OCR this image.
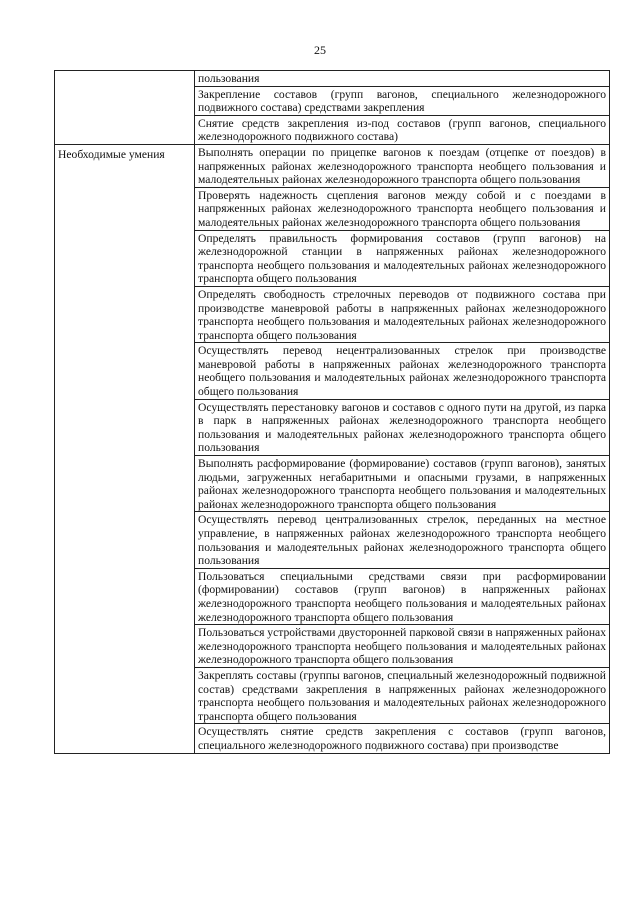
25

	пользования

	Закрепление составов (групп вагонов, специального железнодорожного подвижного состава) средствами закрепления

	Снятие средств закрепления из-под составов (групп вагонов, специального железнодорожного подвижного состава)

Необходимые умения	Выполнять операции по прицепке вагонов к поездам (отцепке от поездов) в напряженных районах железнодорожного транспорта необщего пользования и малодеятельных районах железнодорожного транспорта общего пользования

	Проверять надежность сцепления вагонов между собой и с поездами в напряженных районах железнодорожного транспорта необщего пользования и малодеятельных районах железнодорожного транспорта общего пользования

	Определять правильность формирования составов (групп вагонов) на железнодорожной станции в напряженных районах железнодорожного транспорта необщего пользования и малодеятельных районах железнодорожного транспорта общего пользования

	Определять свободность стрелочных переводов от подвижного состава при производстве маневровой работы в напряженных районах железнодорожного транспорта необщего пользования и малодеятельных районах железнодорожного транспорта общего пользования

	Осуществлять перевод нецентрализованных стрелок при производстве маневровой работы в напряженных районах железнодорожного транспорта необщего пользования и малодеятельных районах железнодорожного транспорта общего пользования

	Осуществлять перестановку вагонов и составов с одного пути на другой, из парка в парк в напряженных районах железнодорожного транспорта необщего пользования и малодеятельных районах железнодорожного транспорта общего пользования

	Выполнять расформирование (формирование) составов (групп вагонов), занятых людьми, загруженных негабаритными и опасными грузами, в напряженных районах железнодорожного транспорта необщего пользования и малодеятельных районах железнодорожного транспорта общего пользования

	Осуществлять перевод централизованных стрелок, переданных на местное управление, в напряженных районах железнодорожного транспорта необщего пользования и малодеятельных районах железнодорожного транспорта общего пользования

	Пользоваться специальными средствами связи при расформировании (формировании) составов (групп вагонов) в напряженных районах железнодорожного транспорта необщего пользования и малодеятельных районах железнодорожного транспорта общего пользования

	Пользоваться устройствами двусторонней парковой связи в напряженных районах железнодорожного транспорта необщего пользования и малодеятельных районах железнодорожного транспорта общего пользования

	Закреплять составы (группы вагонов, специальный железнодорожный подвижной состав) средствами закрепления в напряженных районах железнодорожного транспорта необщего пользования и малодеятельных районах железнодорожного транспорта общего пользования

	Осуществлять снятие средств закрепления с составов (групп вагонов, специального железнодорожного подвижного состава) при производстве
